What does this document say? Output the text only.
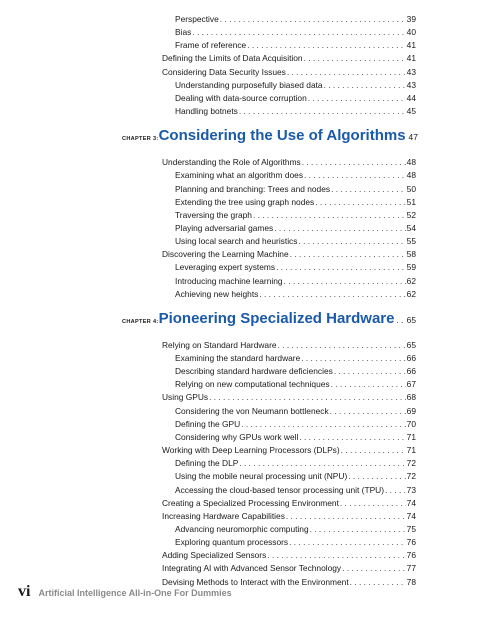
Perspective . . .	39
Bias . . .	40
Frame of reference . . .	41
Defining the Limits of Data Acquisition . . .	41
Considering Data Security Issues . . .	43
Understanding purposefully biased data . . .	43
Dealing with data-source corruption . . .	44
Handling botnets . . .	45
CHAPTER 3: Considering the Use of Algorithms 47
Understanding the Role of Algorithms . . .	48
Examining what an algorithm does . . .	48
Planning and branching: Trees and nodes . . .	50
Extending the tree using graph nodes . . .	51
Traversing the graph . . .	52
Playing adversarial games . . .	54
Using local search and heuristics . . .	55
Discovering the Learning Machine . . .	58
Leveraging expert systems . . .	59
Introducing machine learning . . .	62
Achieving new heights . . .	62
CHAPTER 4: Pioneering Specialized Hardware . . . 65
Relying on Standard Hardware . . .	65
Examining the standard hardware . . .	66
Describing standard hardware deficiencies . . .	66
Relying on new computational techniques . . .	67
Using GPUs . . .	68
Considering the von Neumann bottleneck . . .	69
Defining the GPU . . .	70
Considering why GPUs work well . . .	71
Working with Deep Learning Processors (DLPs) . . .	71
Defining the DLP . . .	72
Using the mobile neural processing unit (NPU) . . .	72
Accessing the cloud-based tensor processing unit (TPU) . . .	73
Creating a Specialized Processing Environment . . .	74
Increasing Hardware Capabilities . . .	74
Advancing neuromorphic computing . . .	75
Exploring quantum processors . . .	76
Adding Specialized Sensors . . .	76
Integrating AI with Advanced Sensor Technology . . .	77
Devising Methods to Interact with the Environment . . .	78
vi Artificial Intelligence All-in-One For Dummies
